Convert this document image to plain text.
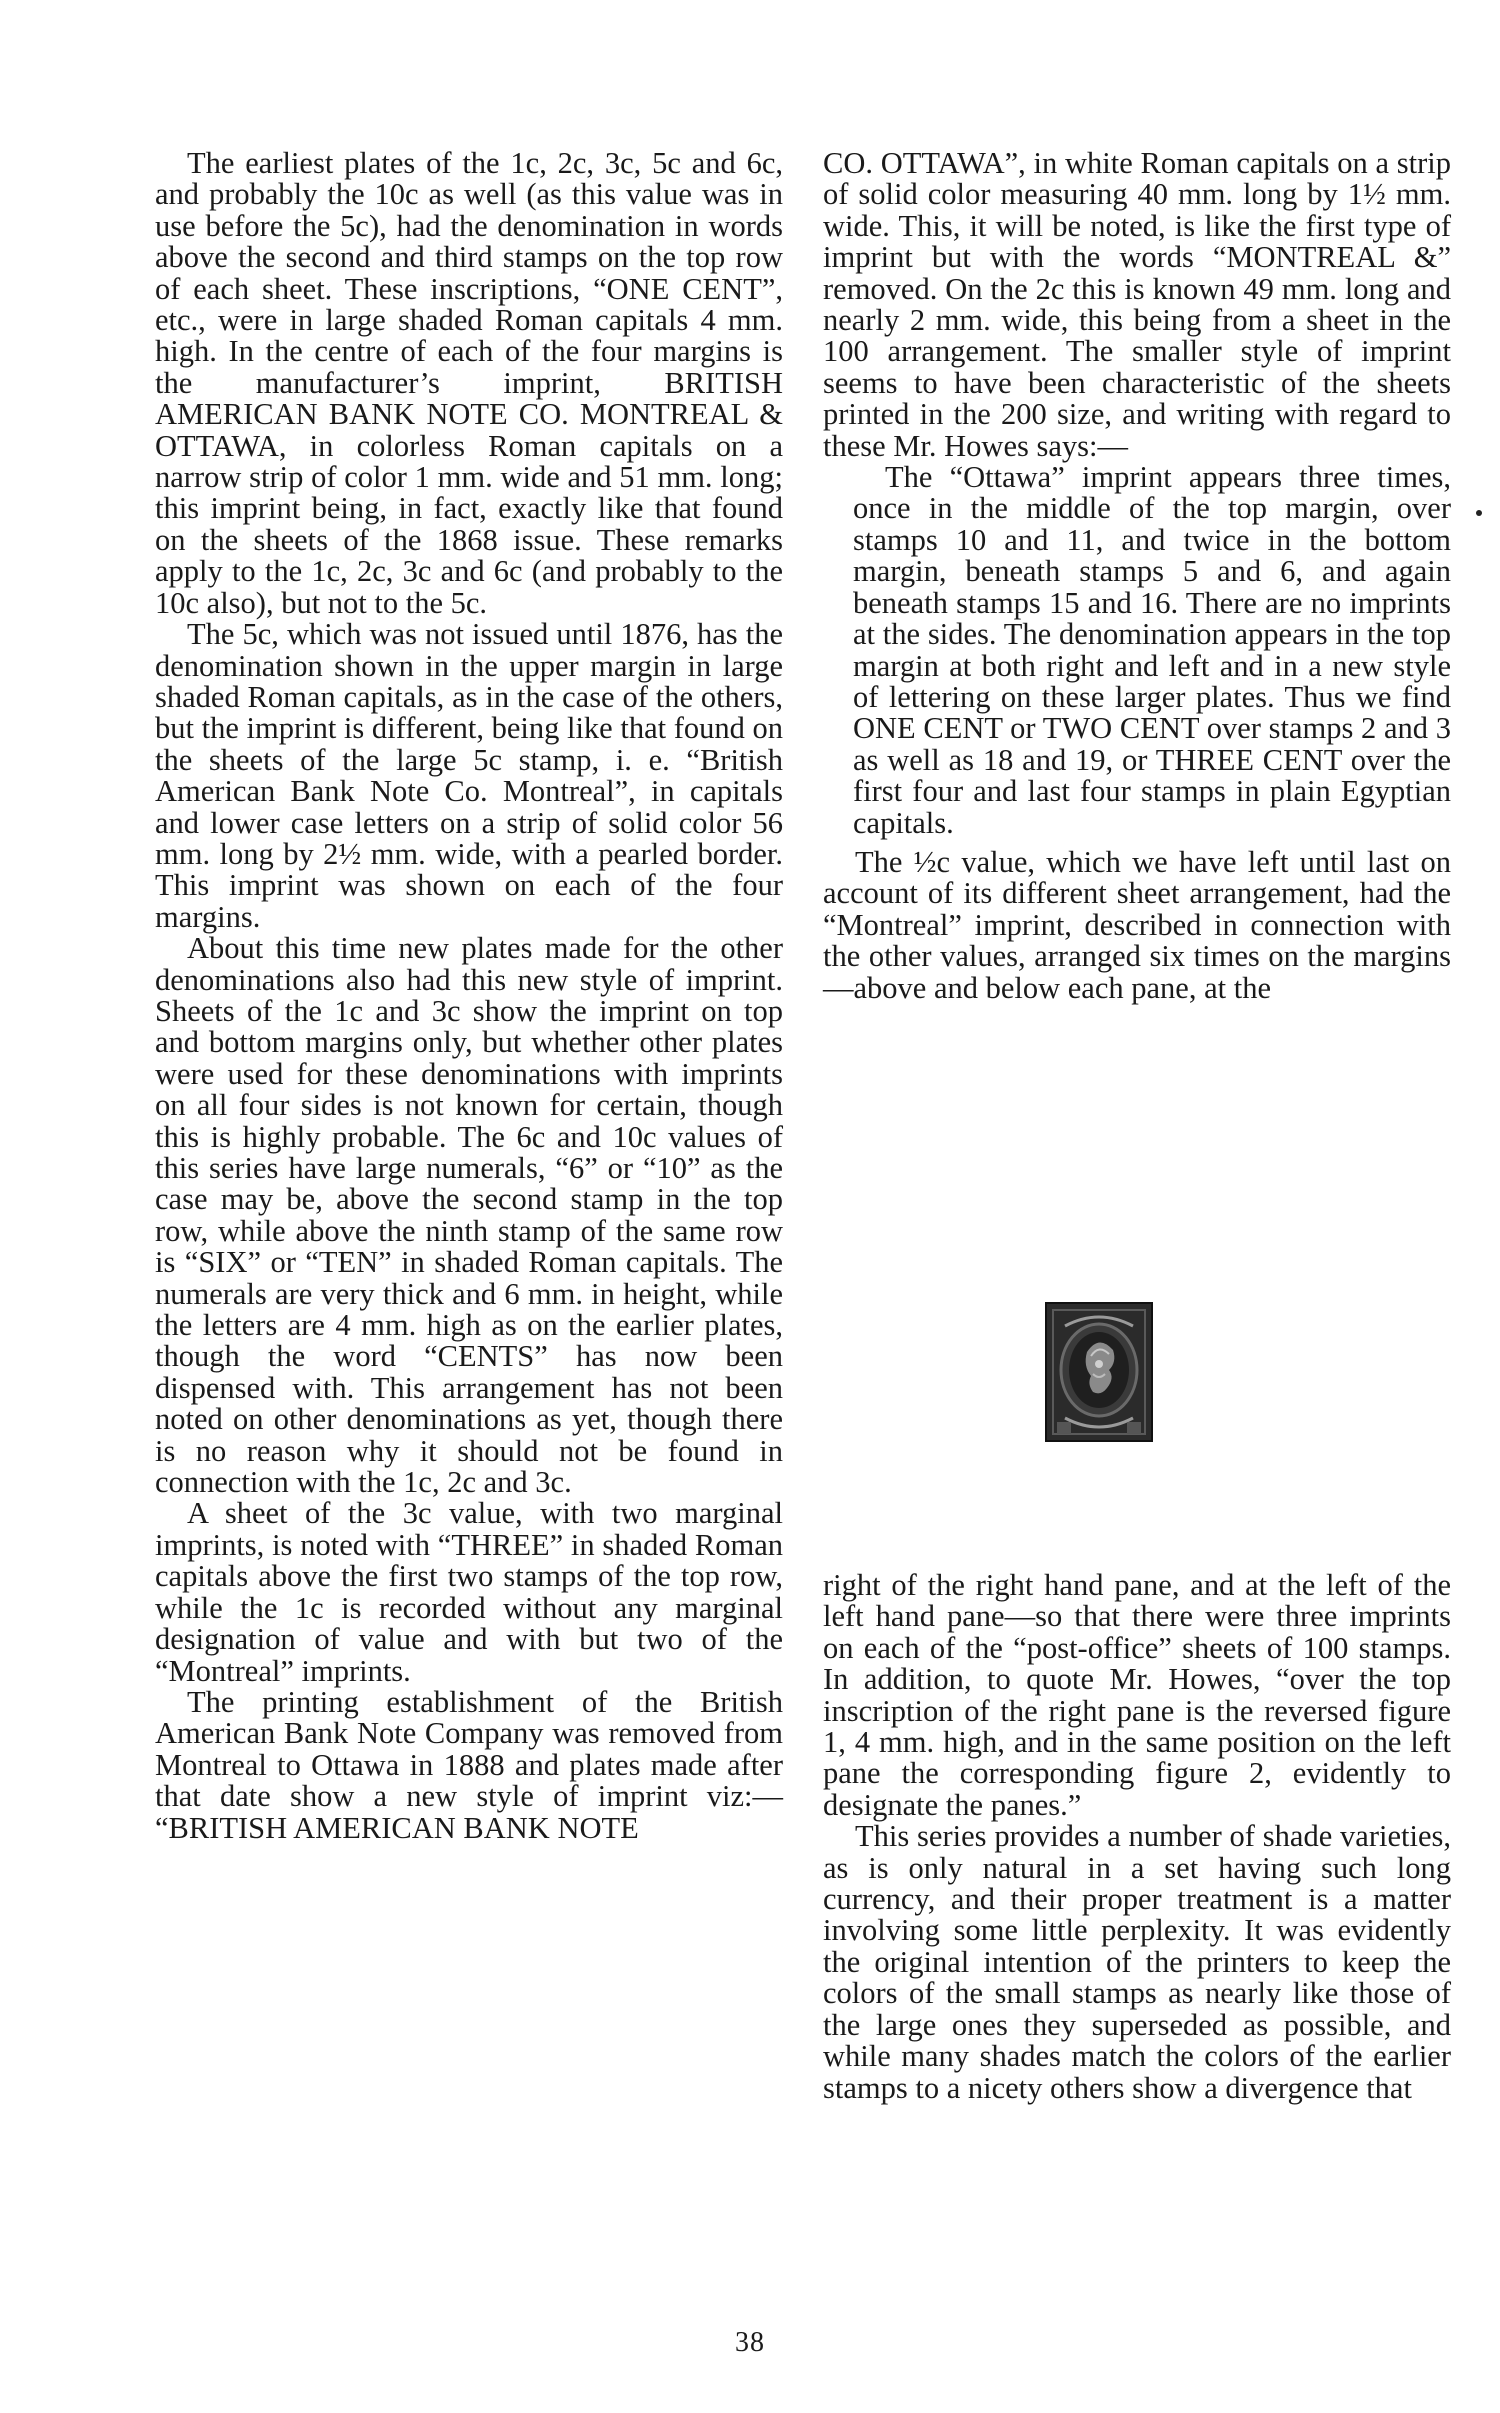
The earliest plates of the 1c, 2c, 3c, 5c and 6c, and probably the 10c as well (as this value was in use before the 5c), had the denomination in words above the second and third stamps on the top row of each sheet. These inscriptions, “ONE CENT”, etc., were in large shaded Roman capitals 4 mm. high. In the centre of each of the four margins is the manufacturer’s imprint, BRITISH AMERICAN BANK NOTE CO. MONTREAL & OTTAWA, in colorless Roman capitals on a narrow strip of color 1 mm. wide and 51 mm. long; this imprint being, in fact, exactly like that found on the sheets of the 1868 issue. These remarks apply to the 1c, 2c, 3c and 6c (and probably to the 10c also), but not to the 5c.

The 5c, which was not issued until 1876, has the denomination shown in the upper margin in large shaded Roman capitals, as in the case of the others, but the imprint is different, being like that found on the sheets of the large 5c stamp, i. e. “British American Bank Note Co. Montreal”, in capitals and lower case letters on a strip of solid color 56 mm. long by 2½ mm. wide, with a pearled border. This imprint was shown on each of the four margins.

About this time new plates made for the other denominations also had this new style of imprint. Sheets of the 1c and 3c show the imprint on top and bottom margins only, but whether other plates were used for these denominations with imprints on all four sides is not known for certain, though this is highly probable. The 6c and 10c values of this series have large numerals, “6” or “10” as the case may be, above the second stamp in the top row, while above the ninth stamp of the same row is “SIX” or “TEN” in shaded Roman capitals. The numerals are very thick and 6 mm. in height, while the letters are 4 mm. high as on the earlier plates, though the word “CENTS” has now been dispensed with. This arrangement has not been noted on other denominations as yet, though there is no reason why it should not be found in connection with the 1c, 2c and 3c.

A sheet of the 3c value, with two marginal imprints, is noted with “THREE” in shaded Roman capitals above the first two stamps of the top row, while the 1c is recorded without any marginal designation of value and with but two of the “Montreal” imprints.

The printing establishment of the British American Bank Note Company was removed from Montreal to Ottawa in 1888 and plates made after that date show a new style of imprint viz:— “BRITISH AMERICAN BANK NOTE

CO. OTTAWA”, in white Roman capitals on a strip of solid color measuring 40 mm. long by 1½ mm. wide. This, it will be noted, is like the first type of imprint but with the words “MONTREAL &” removed. On the 2c this is known 49 mm. long and nearly 2 mm. wide, this being from a sheet in the 100 arrangement. The smaller style of imprint seems to have been characteristic of the sheets printed in the 200 size, and writing with regard to these Mr. Howes says:—

The “Ottawa” imprint appears three times, once in the middle of the top margin, over stamps 10 and 11, and twice in the bottom margin, beneath stamps 5 and 6, and again beneath stamps 15 and 16. There are no imprints at the sides. The denomination appears in the top margin at both right and left and in a new style of lettering on these larger plates. Thus we find ONE CENT or TWO CENT over stamps 2 and 3 as well as 18 and 19, or THREE CENT over the first four and last four stamps in plain Egyptian capitals.

The ½c value, which we have left until last on account of its different sheet arrangement, had the “Montreal” imprint, described in connection with the other values, arranged six times on the margins—above and below each pane, at the

right of the right hand pane, and at the left of the left hand pane—so that there were three imprints on each of the “post-office” sheets of 100 stamps. In addition, to quote Mr. Howes, “over the top inscription of the right pane is the reversed figure 1, 4 mm. high, and in the same position on the left pane the corresponding figure 2, evidently to designate the panes.”

This series provides a number of shade varieties, as is only natural in a set having such long currency, and their proper treatment is a matter involving some little perplexity. It was evidently the original intention of the printers to keep the colors of the small stamps as nearly like those of the large ones they superseded as possible, and while many shades match the colors of the earlier stamps to a nicety others show a divergence that

38
